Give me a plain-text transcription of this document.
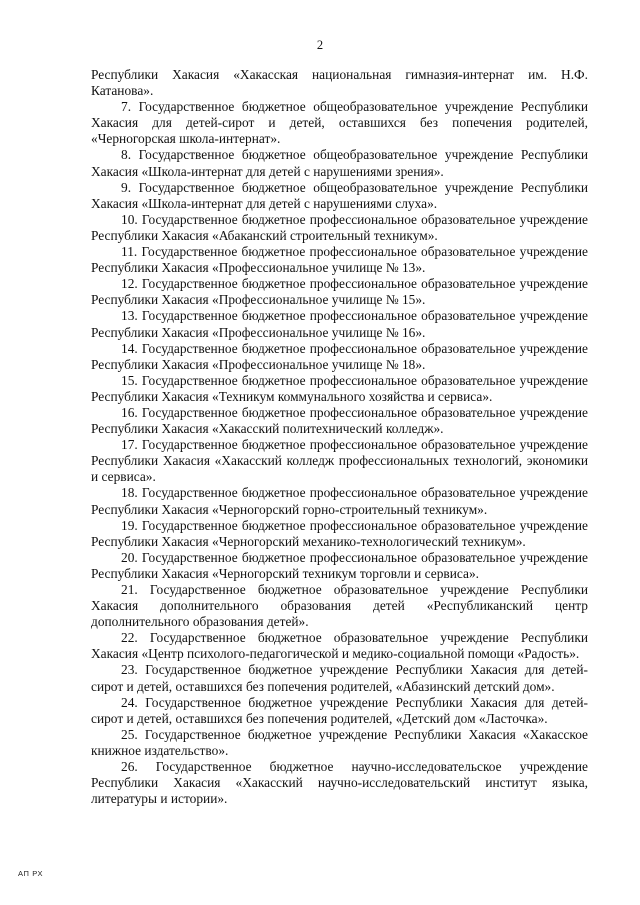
2

Республики Хакасия «Хакасская национальная гимназия-интернат им. Н.Ф. Катанова».

7. Государственное бюджетное общеобразовательное учреждение Республики Хакасия для детей-сирот и детей, оставшихся без попечения родителей, «Черногорская школа-интернат».

8. Государственное бюджетное общеобразовательное учреждение Республики Хакасия «Школа-интернат для детей с нарушениями зрения».

9. Государственное бюджетное общеобразовательное учреждение Республики Хакасия «Школа-интернат для детей с нарушениями слуха».

10. Государственное бюджетное профессиональное образовательное учреждение Республики Хакасия «Абаканский строительный техникум».

11. Государственное бюджетное профессиональное образовательное учреждение Республики Хакасия «Профессиональное училище № 13».

12. Государственное бюджетное профессиональное образовательное учреждение Республики Хакасия «Профессиональное училище № 15».

13. Государственное бюджетное профессиональное образовательное учреждение Республики Хакасия «Профессиональное училище № 16».

14. Государственное бюджетное профессиональное образовательное учреждение Республики Хакасия «Профессиональное училище № 18».

15. Государственное бюджетное профессиональное образовательное учреждение Республики Хакасия «Техникум коммунального хозяйства и сервиса».

16. Государственное бюджетное профессиональное образовательное учреждение Республики Хакасия «Хакасский политехнический колледж».

17. Государственное бюджетное профессиональное образовательное учреждение Республики Хакасия «Хакасский колледж профессиональных технологий, экономики и сервиса».

18. Государственное бюджетное профессиональное образовательное учреждение Республики Хакасия «Черногорский горно-строительный техникум».

19. Государственное бюджетное профессиональное образовательное учреждение Республики Хакасия «Черногорский механико-технологический техникум».

20. Государственное бюджетное профессиональное образовательное учреждение Республики Хакасия «Черногорский техникум торговли и сервиса».

21. Государственное бюджетное образовательное учреждение Республики Хакасия дополнительного образования детей «Республиканский центр дополнительного образования детей».

22. Государственное бюджетное образовательное учреждение Республики Хакасия «Центр психолого-педагогической и медико-социальной помощи «Радость».

23. Государственное бюджетное учреждение Республики Хакасия для детей-сирот и детей, оставшихся без попечения родителей, «Абазинский детский дом».

24. Государственное бюджетное учреждение Республики Хакасия для детей-сирот и детей, оставшихся без попечения родителей, «Детский дом «Ласточка».

25. Государственное бюджетное учреждение Республики Хакасия «Хакасское книжное издательство».

26. Государственное бюджетное научно-исследовательское учреждение Республики Хакасия «Хакасский научно-исследовательский институт языка, литературы и истории».

АП РХ
